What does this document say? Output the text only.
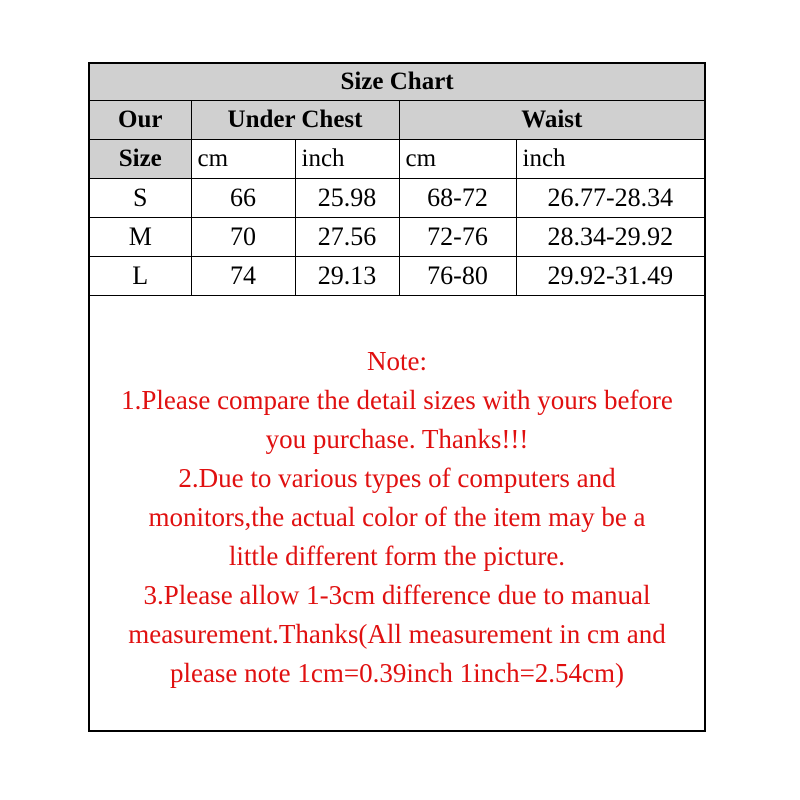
Size Chart				
Our	Under Chest		Waist	
Size	cm	inch	cm	inch
S	66	25.98	68-72	26.77-28.34
M	70	27.56	72-76	28.34-29.92
L	74	29.13	76-80	29.92-31.49
Note:
1.Please compare the detail sizes with yours before
you purchase. Thanks!!!
2.Due to various types of computers and
monitors,the actual color of the item may be a
little different form the picture.
3.Please allow 1-3cm difference due to manual
measurement.Thanks(All measurement in cm and
please note 1cm=0.39inch 1inch=2.54cm)
